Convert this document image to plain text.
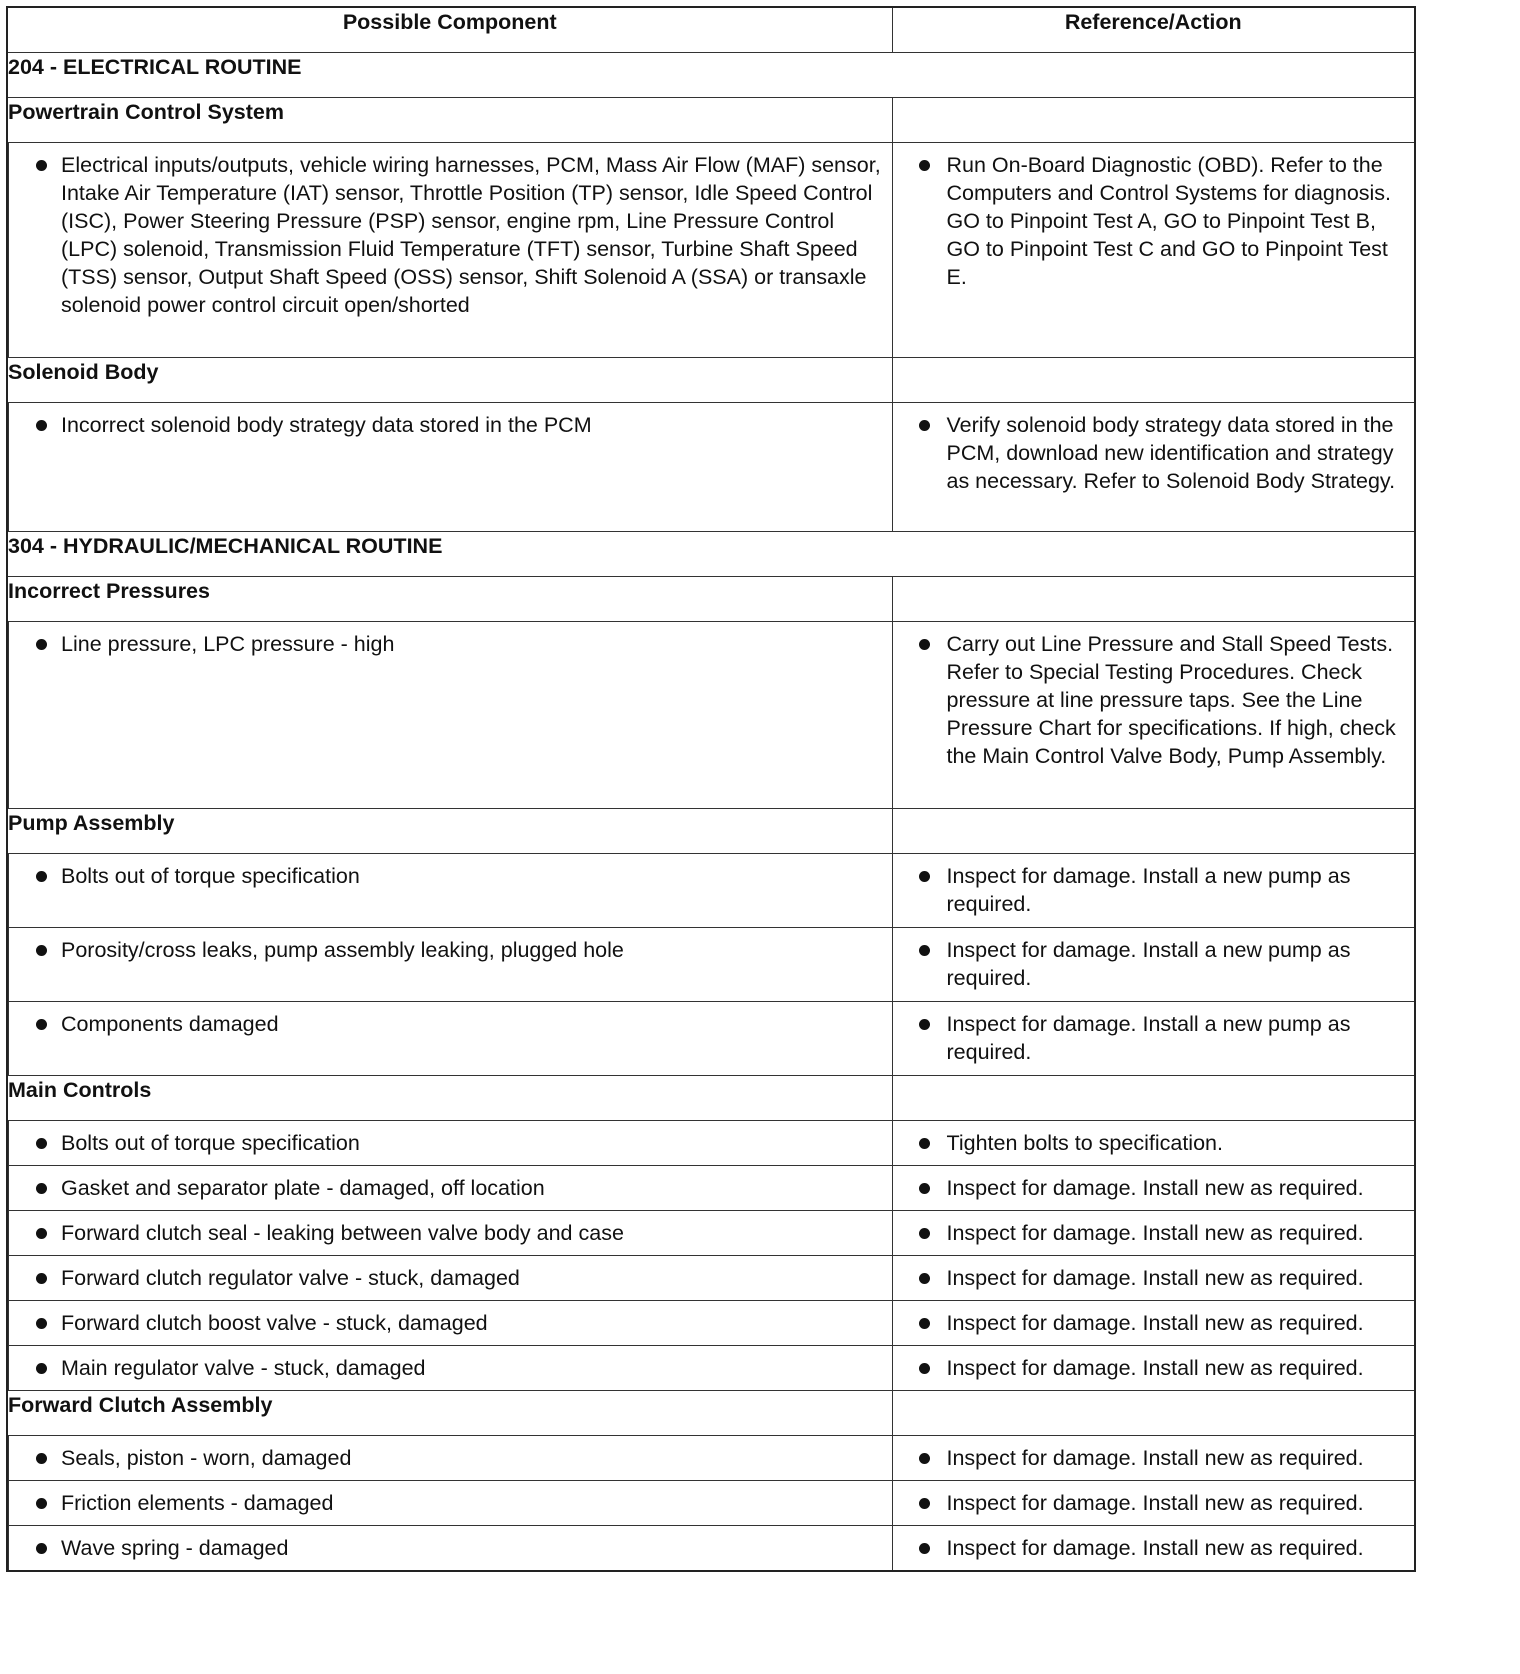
Possible Component	Reference/Action
204 - ELECTRICAL ROUTINE	
Powertrain Control System	

Electrical inputs/outputs, vehicle wiring harnesses, PCM, Mass Air Flow (MAF) sensor, Intake Air Temperature (IAT) sensor, Throttle Position (TP) sensor, Idle Speed Control (ISC), Power Steering Pressure (PSP) sensor, engine rpm, Line Pressure Control (LPC) solenoid, Transmission Fluid Temperature (TFT) sensor, Turbine Shaft Speed (TSS) sensor, Output Shaft Speed (OSS) sensor, Shift Solenoid A (SSA) or transaxle solenoid power control circuit open/shorted	Run On-Board Diagnostic (OBD). Refer to the Computers and Control Systems for diagnosis. GO to Pinpoint Test A, GO to Pinpoint Test B, GO to Pinpoint Test C and GO to Pinpoint Test E.

Solenoid Body	

Incorrect solenoid body strategy data stored in the PCM	Verify solenoid body strategy data stored in the PCM, download new identification and strategy as necessary. Refer to Solenoid Body Strategy.

304 - HYDRAULIC/MECHANICAL ROUTINE	
Incorrect Pressures	

Line pressure, LPC pressure - high	Carry out Line Pressure and Stall Speed Tests. Refer to Special Testing Procedures. Check pressure at line pressure taps. See the Line Pressure Chart for specifications. If high, check the Main Control Valve Body, Pump Assembly.

Pump Assembly	

Bolts out of torque specification	Inspect for damage. Install a new pump as required.

Porosity/cross leaks, pump assembly leaking, plugged hole	Inspect for damage. Install a new pump as required.

Components damaged	Inspect for damage. Install a new pump as required.

Main Controls	

Bolts out of torque specification	Tighten bolts to specification.

Gasket and separator plate - damaged, off location	Inspect for damage. Install new as required.

Forward clutch seal - leaking between valve body and case	Inspect for damage. Install new as required.

Forward clutch regulator valve - stuck, damaged	Inspect for damage. Install new as required.

Forward clutch boost valve - stuck, damaged	Inspect for damage. Install new as required.

Main regulator valve - stuck, damaged	Inspect for damage. Install new as required.

Forward Clutch Assembly	

Seals, piston - worn, damaged	Inspect for damage. Install new as required.

Friction elements - damaged	Inspect for damage. Install new as required.

Wave spring - damaged	Inspect for damage. Install new as required.
